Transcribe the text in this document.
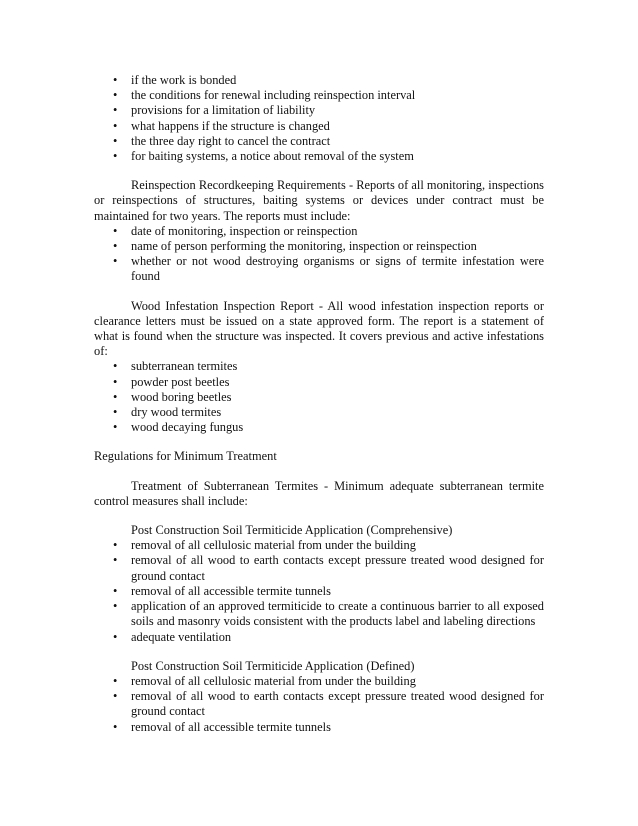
• if the work is bonded
• the conditions for renewal including reinspection interval
• provisions for a limitation of liability
• what happens if the structure is changed
• the three day right to cancel the contract
• for baiting systems, a notice about removal of the system

Reinspection Recordkeeping Requirements - Reports of all monitoring, inspections or reinspections of structures, baiting systems or devices under contract must be maintained for two years. The reports must include:

• date of monitoring, inspection or reinspection
• name of person performing the monitoring, inspection or reinspection
• whether or not wood destroying organisms or signs of termite infestation were found

Wood Infestation Inspection Report - All wood infestation inspection reports or clearance letters must be issued on a state approved form. The report is a statement of what is found when the structure was inspected. It covers previous and active infestations of:

• subterranean termites
• powder post beetles
• wood boring beetles
• dry wood termites
• wood decaying fungus

Regulations for Minimum Treatment

Treatment of Subterranean Termites - Minimum adequate subterranean termite control measures shall include:

Post Construction Soil Termiticide Application (Comprehensive)

• removal of all cellulosic material from under the building
• removal of all wood to earth contacts except pressure treated wood designed for ground contact
• removal of all accessible termite tunnels
• application of an approved termiticide to create a continuous barrier to all exposed soils and masonry voids consistent with the products label and labeling directions
• adequate ventilation

Post Construction Soil Termiticide Application (Defined)

• removal of all cellulosic material from under the building
• removal of all wood to earth contacts except pressure treated wood designed for ground contact
• removal of all accessible termite tunnels
